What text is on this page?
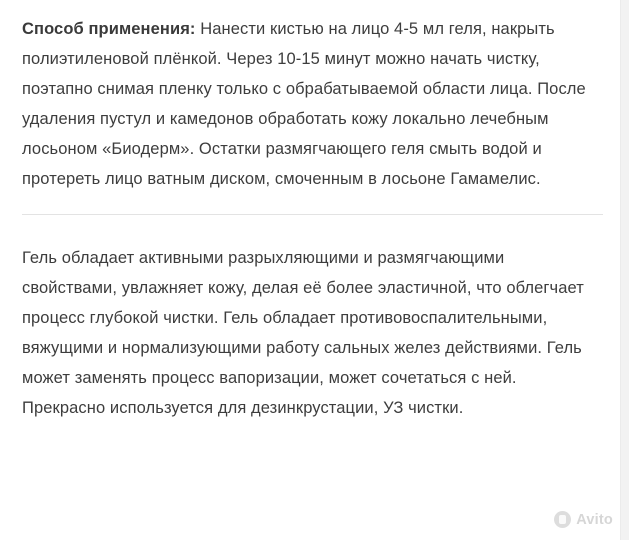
Способ применения: Нанести кистью на лицо 4-5 мл геля, накрыть полиэтиленовой плёнкой. Через 10-15 минут можно начать чистку, поэтапно снимая пленку только с обрабатываемой области лица. После удаления пустул и камедонов обработать кожу локально лечебным лосьоном «Биодерм». Остатки размягчающего геля смыть водой и протереть лицо ватным диском, смоченным в лосьоне Гамамелис.

Гель обладает активными разрыхляющими и размягчающими свойствами, увлажняет кожу, делая её более эластичной, что облегчает процесс глубокой чистки. Гель обладает противовоспалительными, вяжущими и нормализующими работу сальных желез действиями. Гель может заменять процесс вапоризации, может сочетаться с ней. Прекрасно используется для дезинкрустации, УЗ чистки.

Avito
